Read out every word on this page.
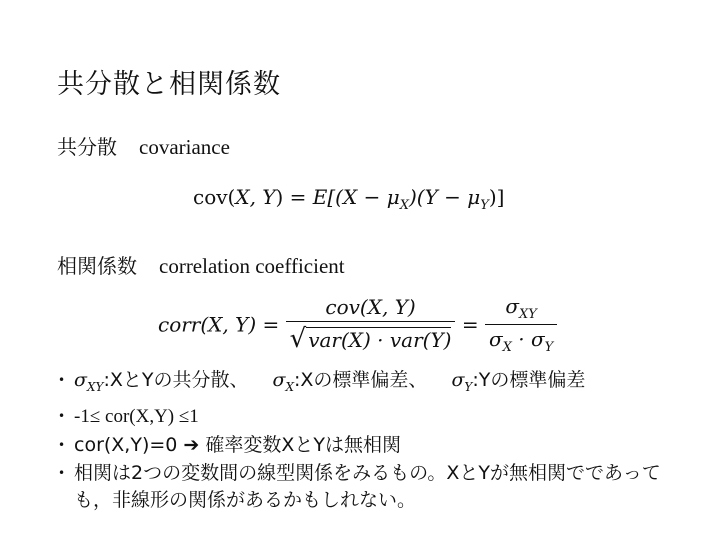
共分散と相関係数
共分散 covariance
cov(X, $Y) = E[(X - \mu_X)(Y - \mu_Y)]$
相関係数 correlation coefficient
corr(X, $Y) = \frac{\text{cov(X, Y)}}{\text{√ var(X) · var(Y)}} = \frac{\sigma_{XY}}{\sigma_X \cdot \sigma_Y}$
• $\sigma_{XY}:X$とYの共分散、 $\sigma_X:X$の標準偏差、 $\sigma_Y:Y$の標準偏差
• -1≤ cor(X,Y) ≤1
• cor(X,Y)=0 ➔ 確率変数XとYは無相関
• 相関は2つの変数間の線型関係をみるもの。XとYが無相関でであっても，非線形の関係があるかもしれない。
